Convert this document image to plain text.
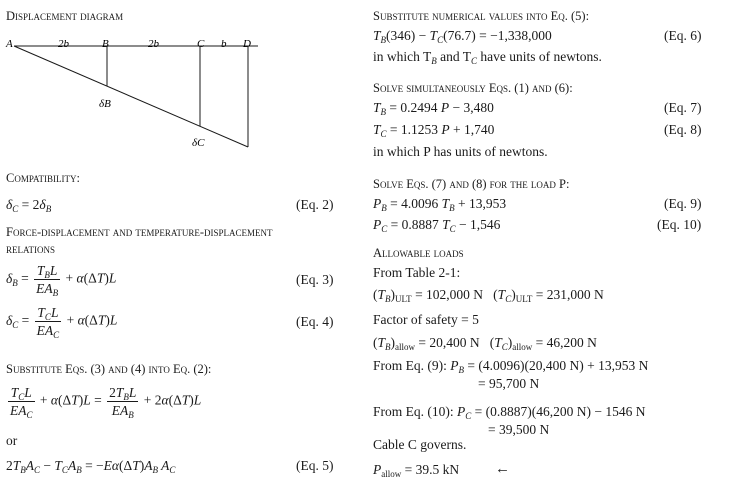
Displacement diagram
A	2b	B	2b	C b D
δB
δC
Compatibility:
$\delta_C = 2\delta_B$	(Eq. 2)
Force-displacement and temperature-displacement
relations
$\delta_B = \frac{T_BL}{EA_B} + \alpha(\Delta T)L$	(Eq. 3)
$\delta_C = \frac{T_CL}{EA_C} + \alpha(\Delta T)L$	(Eq. 4)
Substitute Eqs. (3) and (4) into Eq. (2):
$\frac{T_CL}{EA_C} + \alpha(\Delta T)L = \frac{2T_BL}{EA_B} + 2\alpha(\Delta T)L$
or
$2T_BA_C - T_CA_B = -E\alpha(\Delta T)A_B$ $A_C$	(Eq. 5)
Substitute numerical values into Eq. (5):
$T_B(346) - T_C(76.7) = -1,338,000$	(Eq. 6)
in which $T_B$ and $T_C$ have units of newtons.
Solve simultaneously Eqs. (1) and (6):
$T_B = 0.2494$ P − 3,480	(Eq. 7)
$T_C = 1.1253$ P + 1,740	(Eq. 8)
in which P has units of newtons.
Solve Eqs. (7) and (8) for the load P:
$P_B = 4.0096$ $T_B + 13,953$	(Eq. 9)
$P_C = 0.8887$ $T_C - 1,546$	(Eq. 10)
Allowable loads
From Table 2-1:
$(T_B)_{ULT} = 102,000$ N   $(T_C)_{ULT} = 231,000$ N
Factor of safety = 5
$(T_B)_{allow} = 20,400$ N   $(T_C)_{allow} = 46,200$ N
From Eq. (9): $P_B = (4.0096)(20,400$ N) + 13,953 N
= 95,700 N
From Eq. (10): $P_C = (0.8887)(46,200$ N) − 1546 N
= 39,500 N
Cable C governs.
$P_{allow} = 39.5$ kN ←
